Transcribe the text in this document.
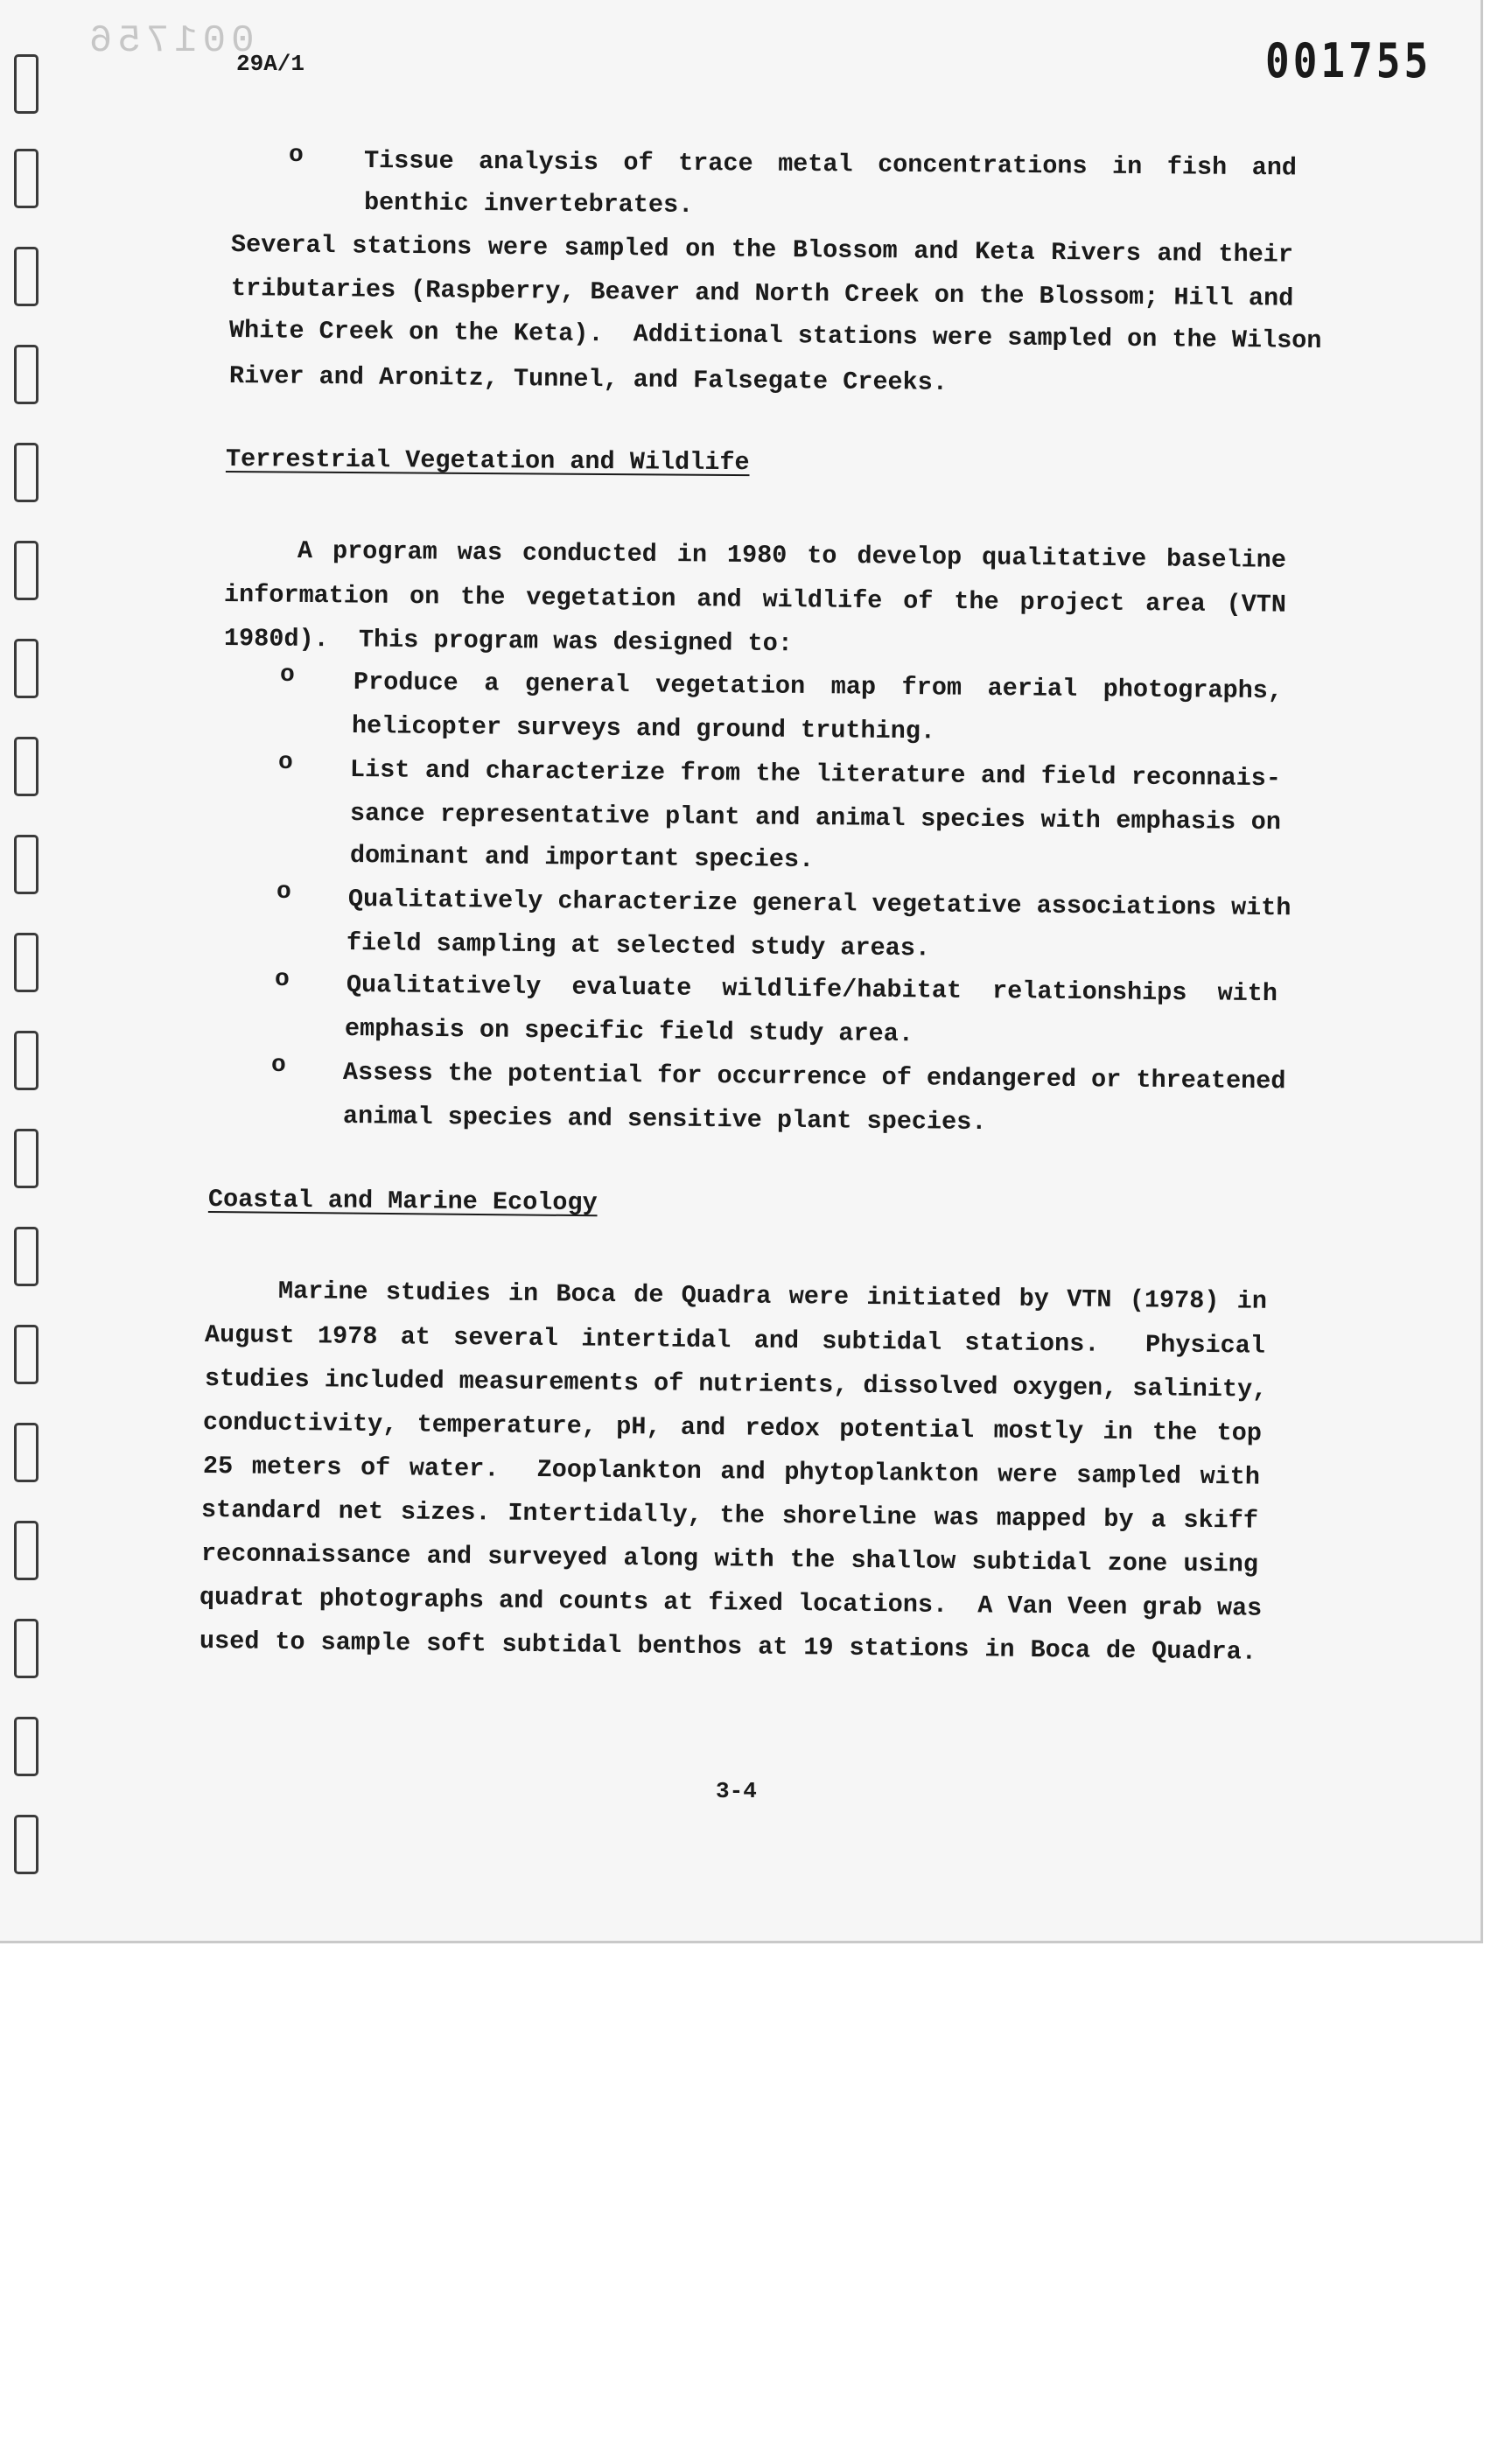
001756
29A/1	001755
o Tissue analysis of trace metal concentrations in fish and
benthic invertebrates.
Several stations were sampled on the Blossom and Keta Rivers and their
tributaries (Raspberry, Beaver and North Creek on the Blossom; Hill and
White Creek on the Keta).  Additional stations were sampled on the Wilson
River and Aronitz, Tunnel, and Falsegate Creeks.
Terrestrial Vegetation and Wildlife
A program was conducted in 1980 to develop qualitative baseline
information on the vegetation and wildlife of the project area (VTN
1980d).  This program was designed to:
o Produce a general vegetation map from aerial photographs,
helicopter surveys and ground truthing.
o List and characterize from the literature and field reconnais-
sance representative plant and animal species with emphasis on
dominant and important species.
o Qualitatively characterize general vegetative associations with
field sampling at selected study areas.
o Qualitatively evaluate wildlife/habitat relationships with
emphasis on specific field study area.
o Assess the potential for occurrence of endangered or threatened
animal species and sensitive plant species.
Coastal and Marine Ecology
Marine studies in Boca de Quadra were initiated by VTN (1978) in
August 1978 at several intertidal and subtidal stations.  Physical
studies included measurements of nutrients, dissolved oxygen, salinity,
conductivity, temperature, pH, and redox potential mostly in the top
25 meters of water.  Zooplankton and phytoplankton were sampled with
standard net sizes. Intertidally, the shoreline was mapped by a skiff
reconnaissance and surveyed along with the shallow subtidal zone using
quadrat photographs and counts at fixed locations.  A Van Veen grab was
used to sample soft subtidal benthos at 19 stations in Boca de Quadra.
3-4
